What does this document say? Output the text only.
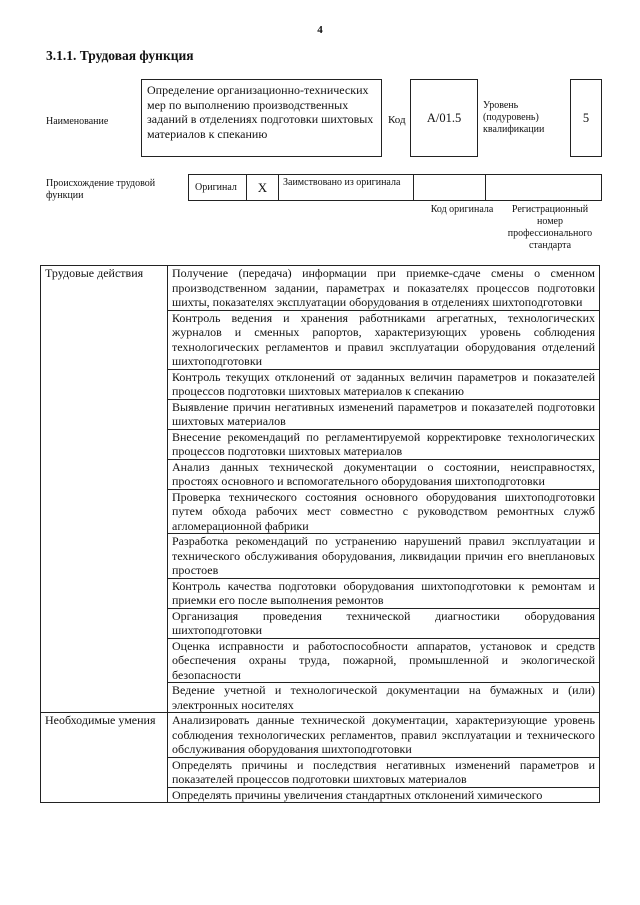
4
3.1.1. Трудовая функция
Наименование
Определение организационно-технических мер по выполнению производственных заданий в отделениях подготовки шихтовых материалов к спеканию
Код	А/01.5
Уровень (подуровень) квалификации
5
Происхождение трудовой функции
Оригинал	Х	Заимствовано из оригинала
Код оригинала	Регистрационный номер профессионального стандарта
Трудовые действия	Получение (передача) информации при приемке-сдаче смены о сменном производственном задании, параметрах и показателях процессов подготовки шихты, показателях эксплуатации оборудования в отделениях шихтоподготовки
	Контроль ведения и хранения работниками агрегатных, технологических журналов и сменных рапортов, характеризующих уровень соблюдения технологических регламентов и правил эксплуатации оборудования отделений шихтоподготовки
	Контроль текущих отклонений от заданных величин параметров и показателей процессов подготовки шихтовых материалов к спеканию
	Выявление причин негативных изменений параметров и показателей подготовки шихтовых материалов
	Внесение рекомендаций по регламентируемой корректировке технологических процессов подготовки шихтовых материалов
	Анализ данных технической документации о состоянии, неисправностях, простоях основного и вспомогательного оборудования шихтоподготовки
	Проверка технического состояния основного оборудования шихтоподготовки путем обхода рабочих мест совместно с руководством ремонтных служб агломерационной фабрики
	Разработка рекомендаций по устранению нарушений правил эксплуатации и технического обслуживания оборудования, ликвидации причин его внеплановых простоев
	Контроль качества подготовки оборудования шихтоподготовки к ремонтам и приемки его после выполнения ремонтов
	Организация проведения технической диагностики оборудования шихтоподготовки
	Оценка исправности и работоспособности аппаратов, установок и средств обеспечения охраны труда, пожарной, промышленной и экологической безопасности
	Ведение учетной и технологической документации на бумажных и (или) электронных носителях
Необходимые умения	Анализировать данные технической документации, характеризующие уровень соблюдения технологических регламентов, правил эксплуатации и технического обслуживания оборудования шихтоподготовки
	Определять причины и последствия негативных изменений параметров и показателей процессов подготовки шихтовых материалов
	Определять причины увеличения стандартных отклонений химического
